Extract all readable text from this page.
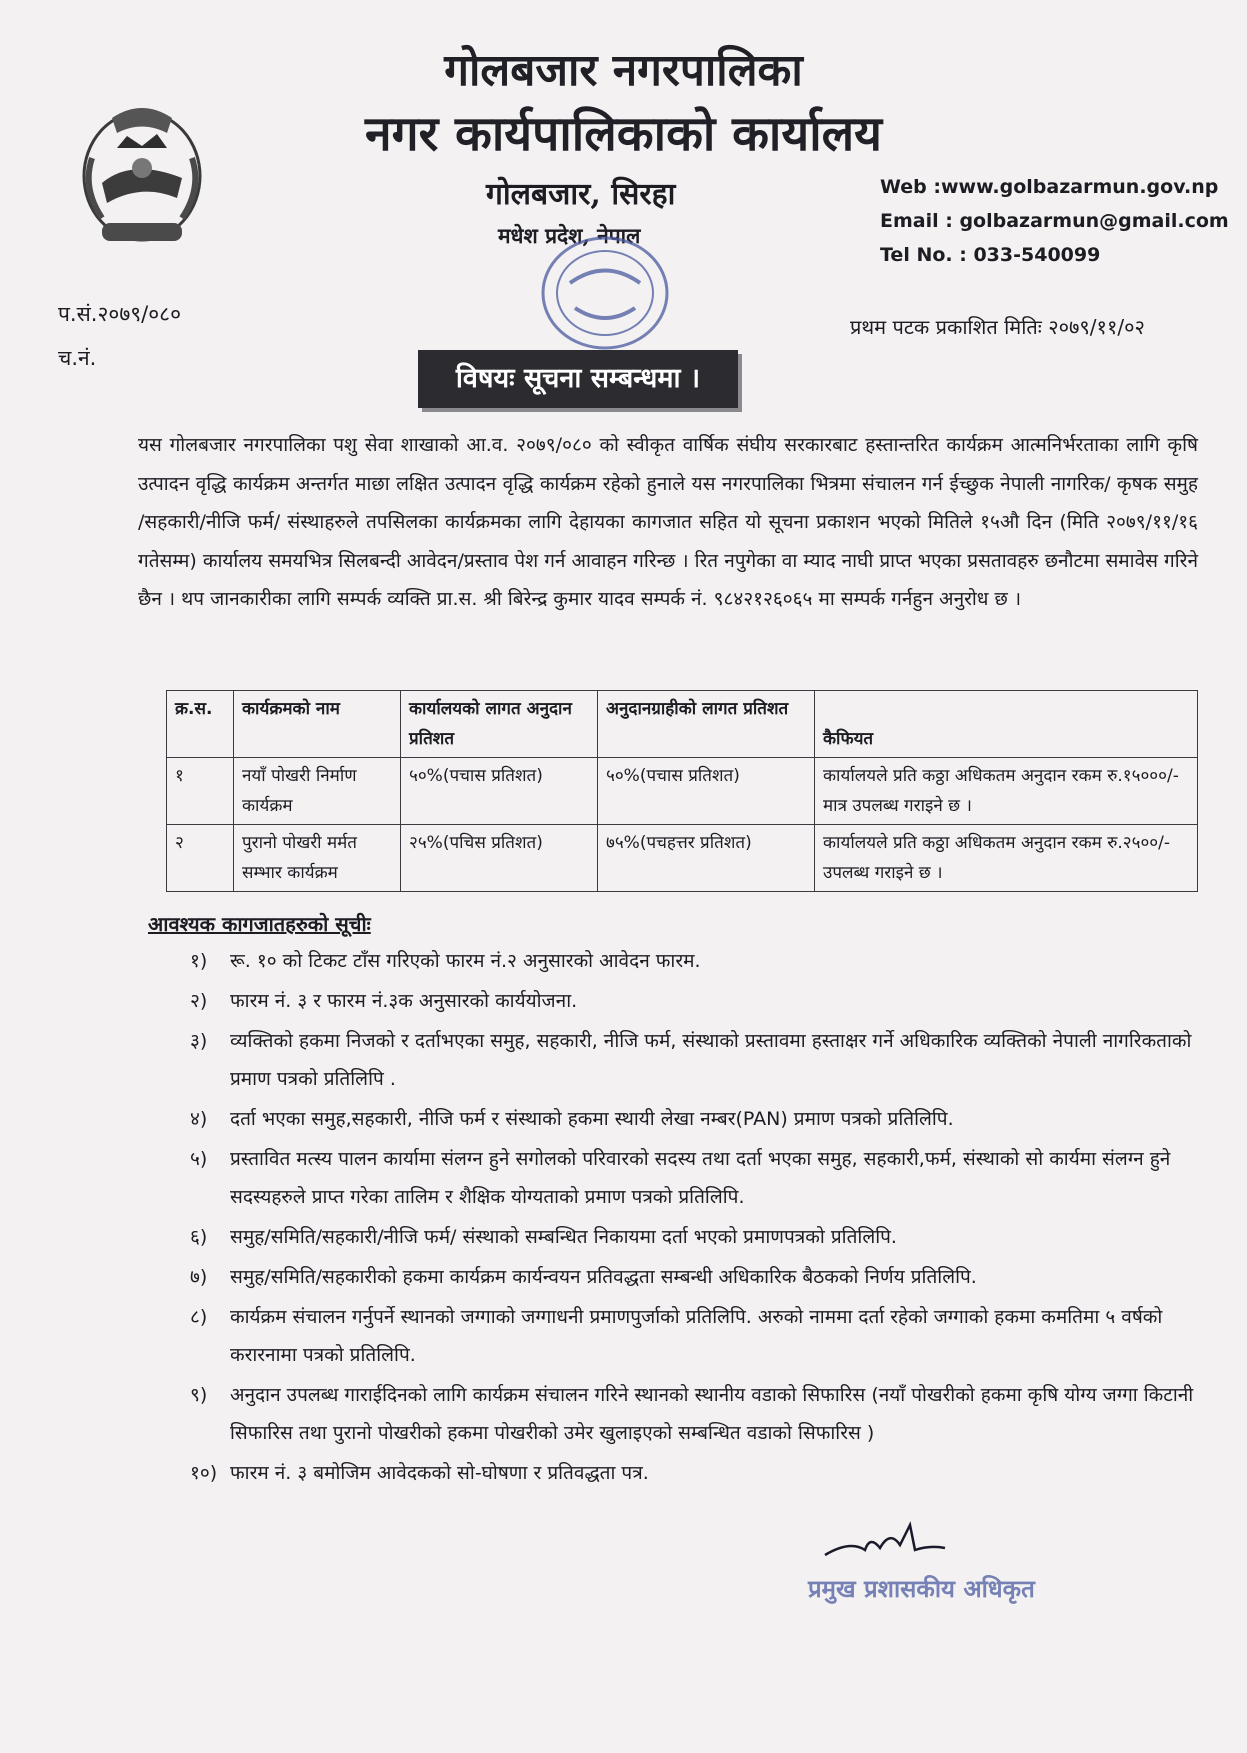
गोलबजार नगरपालिका
नगर कार्यपालिकाको कार्यालय
गोलबजार, सिरहा
मधेश प्रदेश, नेपाल
Web :www.golbazarmun.gov.np
Email : golbazarmun@gmail.com
Tel No. : 033-540099
प.सं.२०७९/०८०
च.नं.
प्रथम पटक प्रकाशित मितिः २०७९/११/०२
विषयः सूचना सम्बन्धमा ।
यस गोलबजार नगरपालिका पशु सेवा शाखाको आ.व. २०७९/०८० को स्वीकृत वार्षिक संघीय सरकारबाट हस्तान्तरित कार्यक्रम आत्मनिर्भरताका लागि कृषि उत्पादन वृद्धि कार्यक्रम अन्तर्गत माछा लक्षित उत्पादन वृद्धि कार्यक्रम रहेको हुनाले यस नगरपालिका भित्रमा संचालन गर्न ईच्छुक नेपाली नागरिक/ कृषक समुह /सहकारी/नीजि फर्म/ संस्थाहरुले तपसिलका कार्यक्रमका लागि देहायका कागजात सहित यो सूचना प्रकाशन भएको मितिले १५औ दिन (मिति २०७९/११/१६ गतेसम्म) कार्यालय समयभित्र सिलबन्दी आवेदन/प्रस्ताव पेश गर्न आवाहन गरिन्छ । रित नपुगेका वा म्याद नाघी प्राप्त भएका प्रसतावहरु छनौटमा समावेस गरिने छैन । थप जानकारीका लागि सम्पर्क व्यक्ति प्रा.स. श्री बिरेन्द्र कुमार यादव सम्पर्क नं. ९८४२१२६०६५ मा सम्पर्क गर्नहुन अनुरोध छ ।
क्र.स.	कार्यक्रमको नाम	कार्यालयको लागत अनुदान प्रतिशत	अनुदानग्राहीको लागत प्रतिशत	कैफियत
१	नयाँ पोखरी निर्माण कार्यक्रम	५०%(पचास प्रतिशत)	५०%(पचास प्रतिशत)	कार्यालयले प्रति कठ्ठा अधिकतम अनुदान रकम रु.१५०००/-मात्र उपलब्ध गराइने छ ।
२	पुरानो पोखरी मर्मत सम्भार कार्यक्रम	२५%(पचिस प्रतिशत)	७५%(पचहत्तर प्रतिशत)	कार्यालयले प्रति कठ्ठा अधिकतम अनुदान रकम रु.२५००/- उपलब्ध गराइने छ ।
आवश्यक कागजातहरुको सूचीः
१)	रू. १० को टिकट टाँस गरिएको फारम नं.२ अनुसारको आवेदन फारम.
२)	फारम नं. ३ र फारम नं.३क अनुसारको कार्ययोजना.
३)	व्यक्तिको हकमा निजको र दर्ताभएका समुह, सहकारी, नीजि फर्म, संस्थाको प्रस्तावमा हस्ताक्षर गर्ने अधिकारिक व्यक्तिको नेपाली नागरिकताको प्रमाण पत्रको प्रतिलिपि .
४)	दर्ता भएका समुह,सहकारी, नीजि फर्म र संस्थाको हकमा स्थायी लेखा नम्बर(PAN) प्रमाण पत्रको प्रतिलिपि.
५)	प्रस्तावित मत्स्य पालन कार्यामा संलग्न हुने सगोलको परिवारको सदस्य तथा दर्ता भएका समुह, सहकारी,फर्म, संस्थाको सो कार्यमा संलग्न हुने सदस्यहरुले प्राप्त गरेका तालिम र शैक्षिक योग्यताको प्रमाण पत्रको प्रतिलिपि.
६)	समुह/समिति/सहकारी/नीजि फर्म/ संस्थाको सम्बन्धित निकायमा दर्ता भएको प्रमाणपत्रको प्रतिलिपि.
७)	समुह/समिति/सहकारीको हकमा कार्यक्रम कार्यन्वयन प्रतिवद्धता सम्बन्धी अधिकारिक बैठकको निर्णय प्रतिलिपि.
८)	कार्यक्रम संचालन गर्नुपर्ने स्थानको जग्गाको जग्गाधनी प्रमाणपुर्जाको प्रतिलिपि. अरुको नाममा दर्ता रहेको जग्गाको हकमा कमतिमा ५ वर्षको करारनामा पत्रको प्रतिलिपि.
९)	अनुदान उपलब्ध गाराईदिनको लागि कार्यक्रम संचालन गरिने स्थानको स्थानीय वडाको सिफारिस (नयाँ पोखरीको हकमा कृषि योग्य जग्गा किटानी सिफारिस तथा पुरानो पोखरीको हकमा पोखरीको उमेर खुलाइएको सम्बन्धित वडाको सिफारिस )
१०) फारम नं. ३ बमोजिम आवेदकको सो-घोषणा र प्रतिवद्धता पत्र.
प्रमुख प्रशासकीय अधिकृत
